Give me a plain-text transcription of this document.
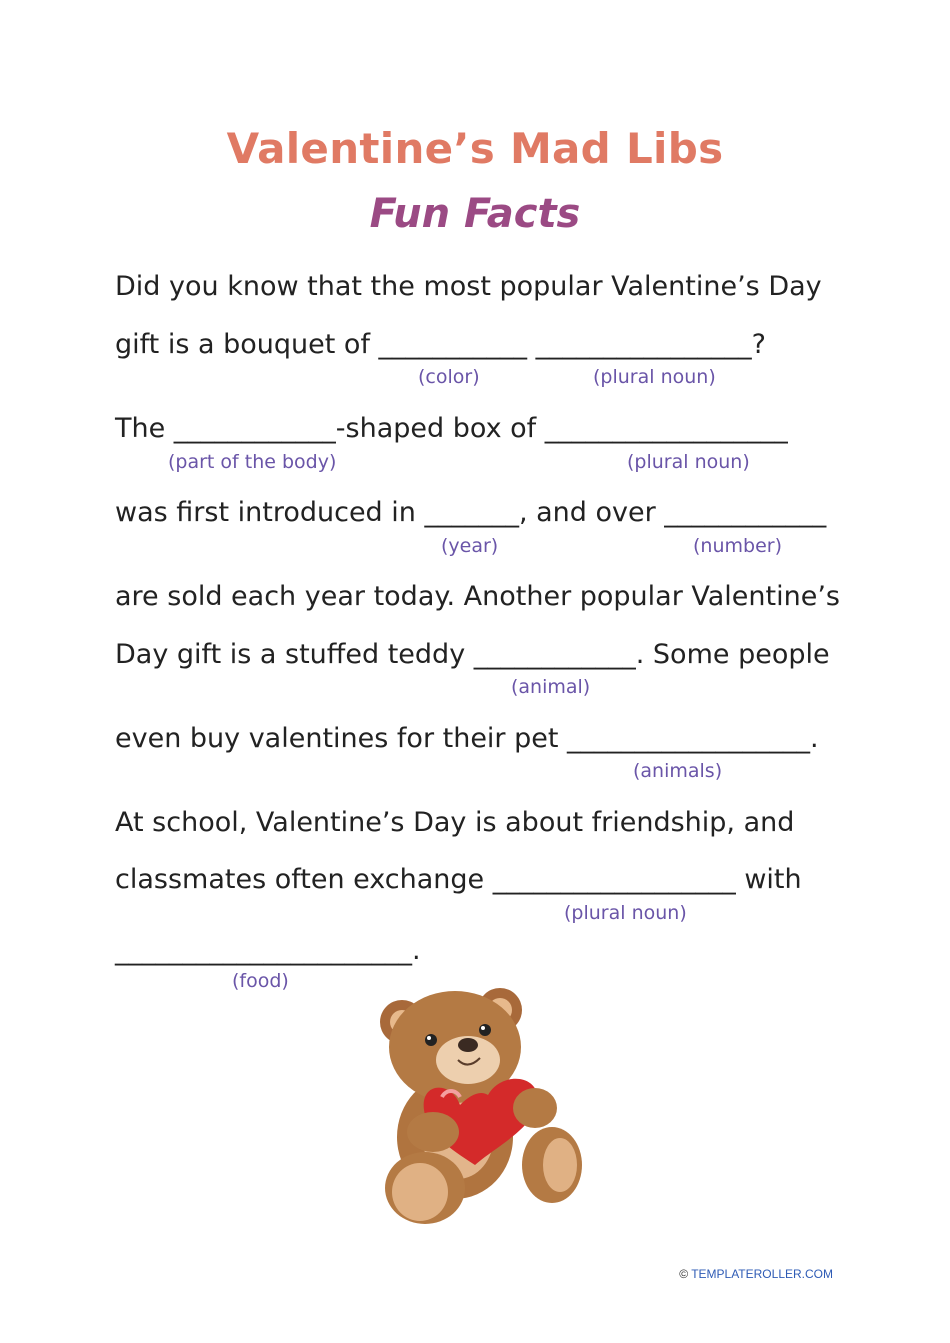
Valentine’s Mad Libs
Fun Facts
Did you know that the most popular Valentine’s Day
gift is a bouquet of ___________ ________________?
(color)	(plural noun)
The ____________-shaped box of __________________
(part of the body)	(plural noun)
was first introduced in _______, and over ____________
(year)	(number)
are sold each year today. Another popular Valentine’s
Day gift is a stuffed teddy ____________. Some people
(animal)
even buy valentines for their pet __________________.
(animals)
At school, Valentine’s Day is about friendship, and
classmates often exchange __________________ with
(plural noun)
______________________.
(food)
© TEMPLATEROLLER.COM
